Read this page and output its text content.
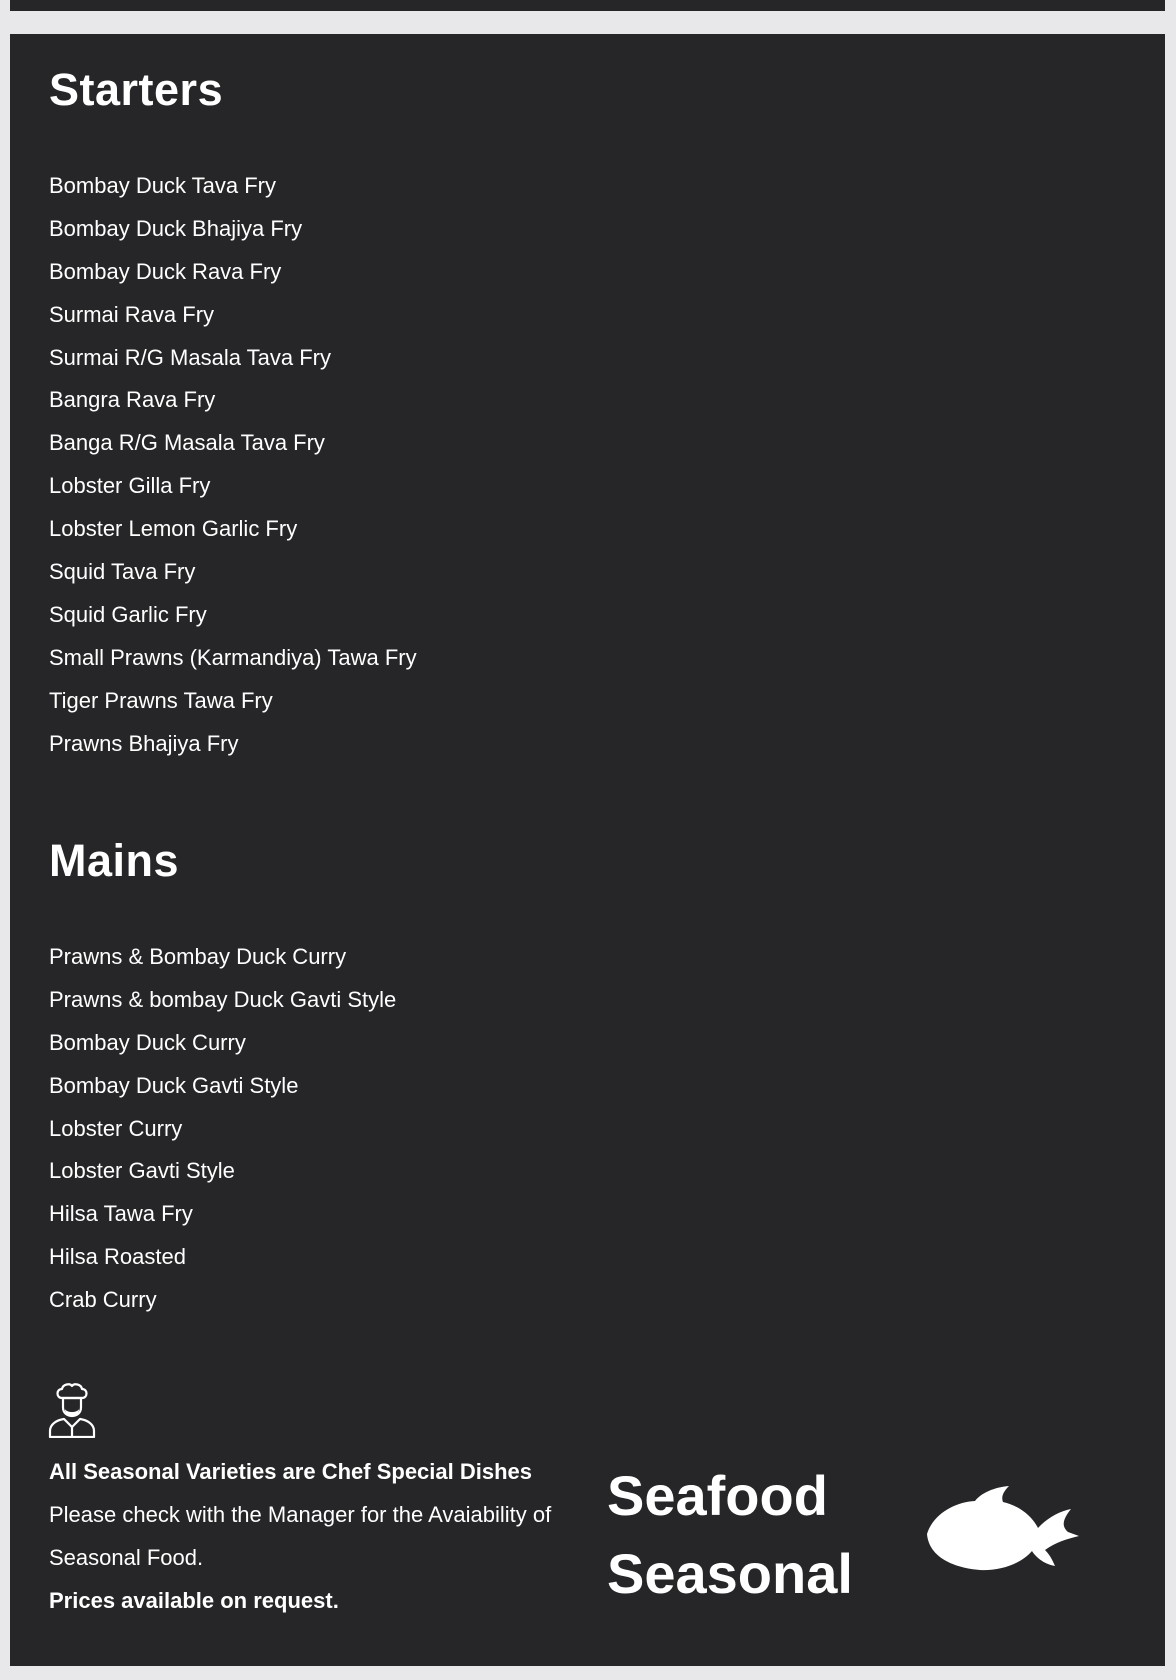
Starters
Bombay Duck Tava Fry
Bombay Duck Bhajiya Fry
Bombay Duck Rava Fry
Surmai Rava Fry
Surmai R/G Masala Tava Fry
Bangra Rava Fry
Banga R/G Masala Tava Fry
Lobster Gilla Fry
Lobster Lemon Garlic Fry
Squid Tava Fry
Squid Garlic Fry
Small Prawns (Karmandiya) Tawa Fry
Tiger Prawns Tawa Fry
Prawns Bhajiya Fry
Mains
Prawns & Bombay Duck Curry
Prawns & bombay Duck Gavti Style
Bombay Duck Curry
Bombay Duck Gavti Style
Lobster Curry
Lobster Gavti Style
Hilsa Tawa Fry
Hilsa Roasted
Crab Curry

All Seasonal Varieties are Chef Special Dishes

Please check with the Manager for the Avaiability of

Seasonal Food.

Prices available on request.

Seafood
Seasonal
